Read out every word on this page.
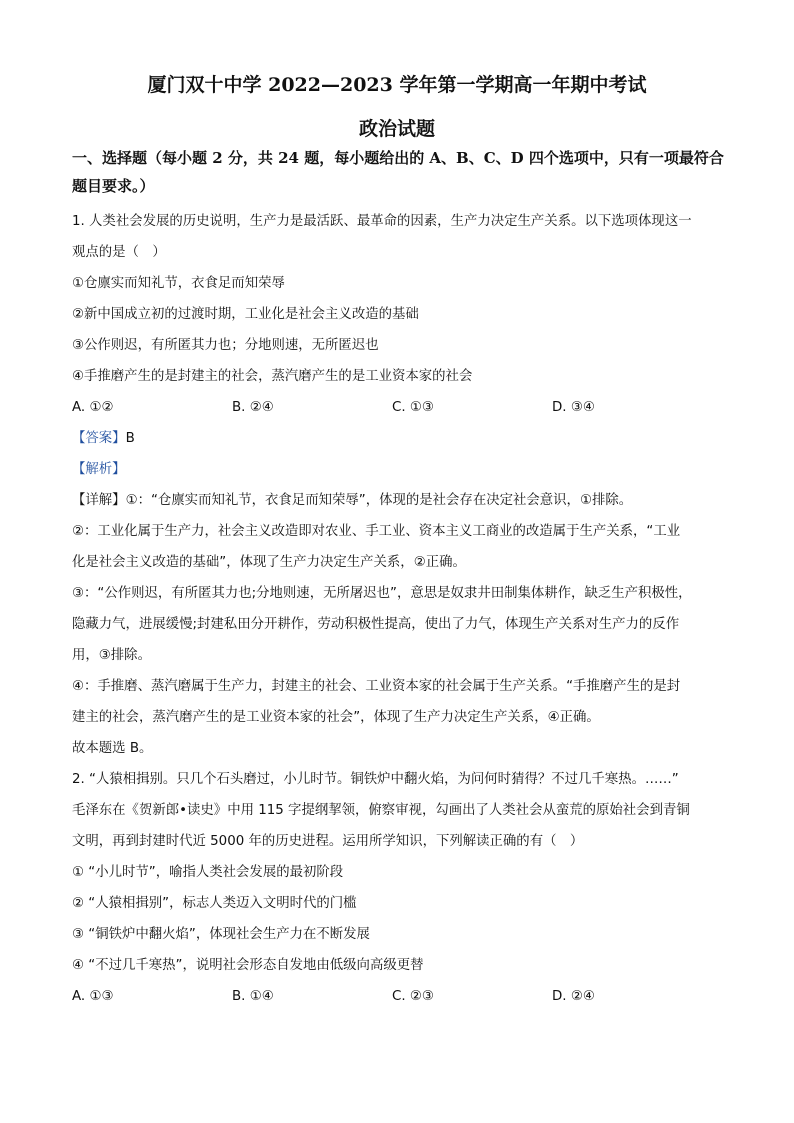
厦门双十中学 2022—2023 学年第一学期高一年期中考试
政治试题
一、选择题（每小题 2 分，共 24 题，每小题给出的 A、B、C、D 四个选项中，只有一项最符合题目要求。）

1. 人类社会发展的历史说明，生产力是最活跃、最革命的因素，生产力决定生产关系。以下选项体现这一

观点的是（　）

①仓廪实而知礼节，衣食足而知荣辱

②新中国成立初的过渡时期，工业化是社会主义改造的基础

③公作则迟，有所匿其力也；分地则速，无所匿迟也

④手推磨产生的是封建主的社会，蒸汽磨产生的是工业资本家的社会

A. ①②	B. ②④	C. ①③	D. ③④

【答案】B

【解析】

【详解】①：“仓廪实而知礼节，衣食足而知荣辱”，体现的是社会存在决定社会意识，①排除。

②：工业化属于生产力，社会主义改造即对农业、手工业、资本主义工商业的改造属于生产关系，“工业

化是社会主义改造的基础”，体现了生产力决定生产关系，②正确。

③：“公作则迟，有所匿其力也;分地则速，无所屠迟也”，意思是奴隶井田制集体耕作，缺乏生产积极性，

隐藏力气，进展缓慢;封建私田分开耕作，劳动积极性提高，使出了力气，体现生产关系对生产力的反作

用，③排除。

④：手推磨、蒸汽磨属于生产力，封建主的社会、工业资本家的社会属于生产关系。“手推磨产生的是封

建主的社会，蒸汽磨产生的是工业资本家的社会”，体现了生产力决定生产关系，④正确。

故本题选 B。

2. “人猿相揖别。只几个石头磨过，小儿时节。铜铁炉中翻火焰，为问何时猜得？不过几千寒热。……”

毛泽东在《贺新郎•读史》中用 115 字提纲挈领，俯察审视，勾画出了人类社会从蛮荒的原始社会到青铜

文明，再到封建时代近 5000 年的历史进程。运用所学知识，下列解读正确的有（　）

① “小儿时节”，喻指人类社会发展的最初阶段

② “人猿相揖别”，标志人类迈入文明时代的门槛

③ “铜铁炉中翻火焰”，体现社会生产力在不断发展

④ “不过几千寒热”，说明社会形态自发地由低级向高级更替

A. ①③	B. ①④	C. ②③	D. ②④
